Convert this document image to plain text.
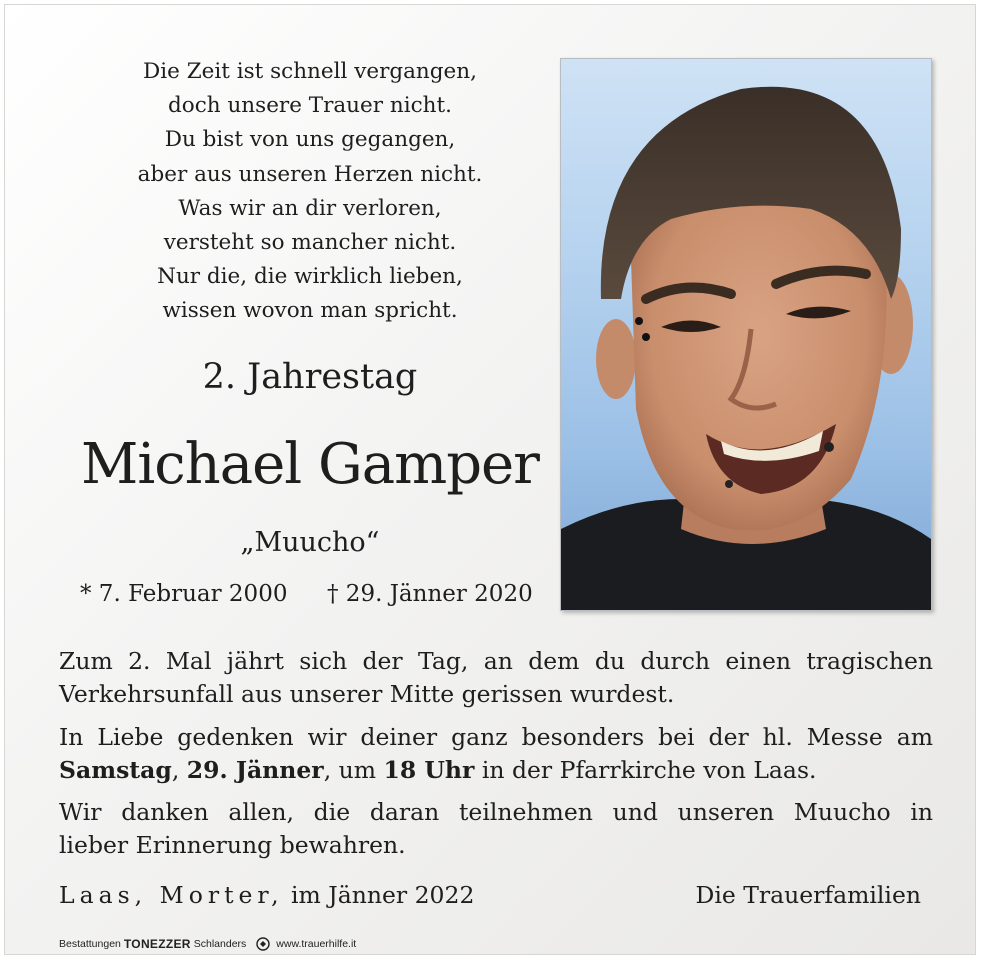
Die Zeit ist schnell vergangen,
doch unsere Trauer nicht.
Du bist von uns gegangen,
aber aus unseren Herzen nicht.
Was wir an dir verloren,
versteht so mancher nicht.
Nur die, die wirklich lieben,
wissen wovon man spricht.
2. Jahrestag
Michael Gamper
„Muucho“
* 7. Februar 2000 † 29. Jänner 2020
Zum 2. Mal jährt sich der Tag, an dem du durch einen tragischen
Verkehrsunfall aus unserer Mitte gerissen wurdest.
In Liebe gedenken wir deiner ganz besonders bei der hl. Messe am
Samstag, 29. Jänner, um 18 Uhr in der Pfarrkirche von Laas.
Wir danken allen, die daran teilnehmen und unseren Muucho in
lieber Erinnerung bewahren.
Laas, Morter, im Jänner 2022	Die Trauerfamilien
Bestattungen TONEZZER Schlanders	www.trauerhilfe.it
